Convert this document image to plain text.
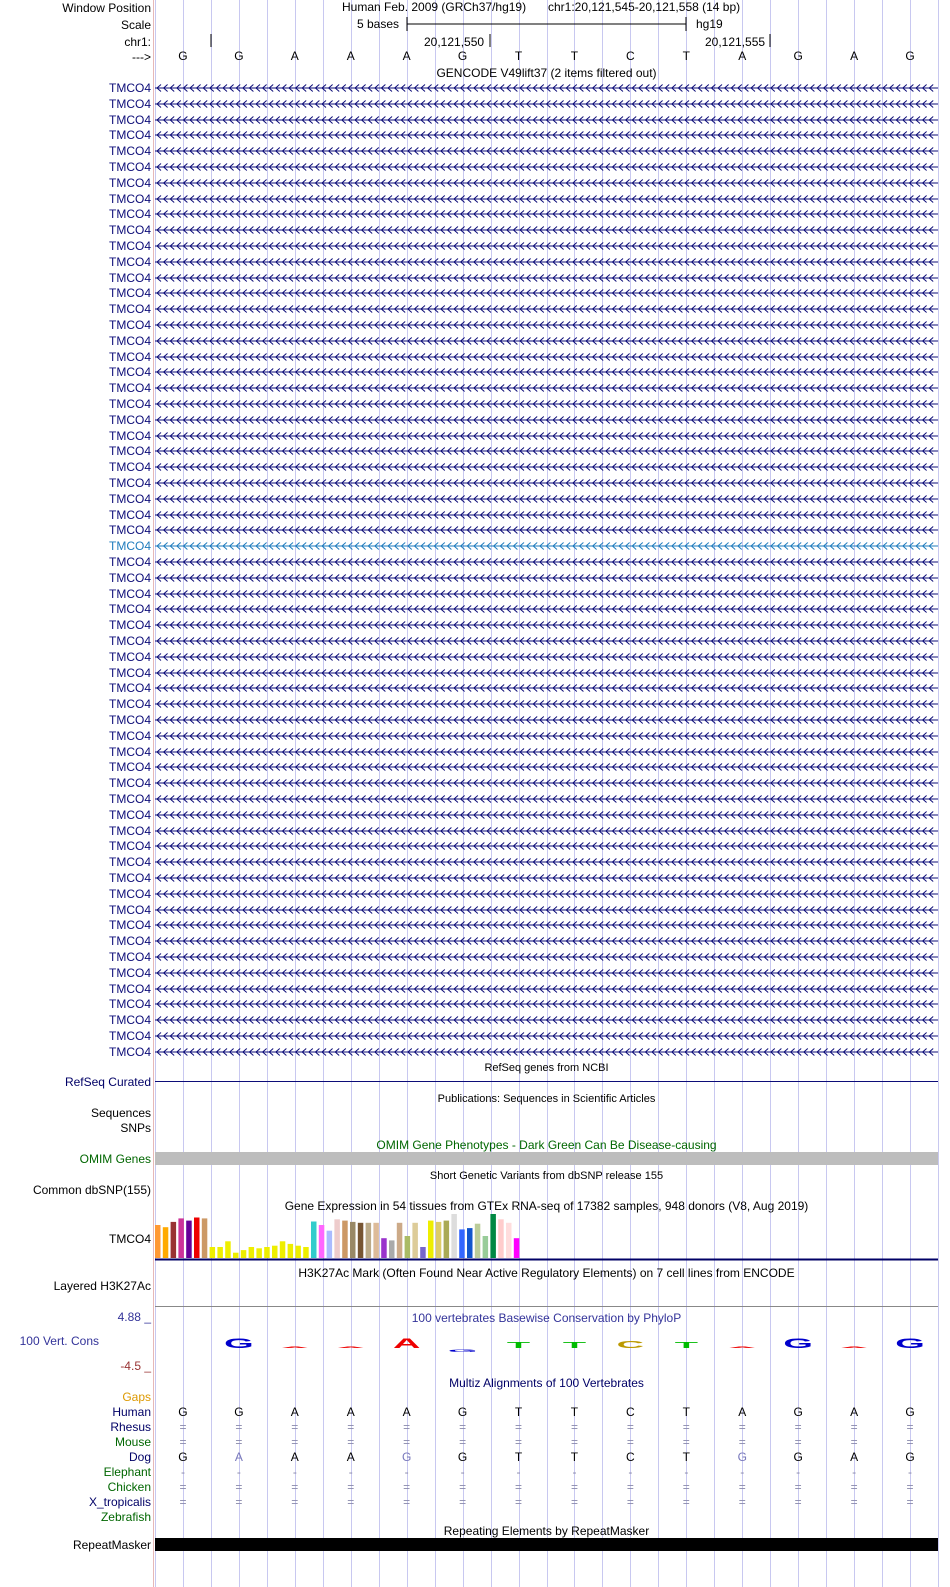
Window Position
Scale
chr1:
--->
Human Feb. 2009 (GRCh37/hg19) chr1:20,121,545-20,121,558 (14 bp)
5 bases	hg19
20,121,550	20,121,555
G	G	A	A	A	G	T	T	C	T	A	G	A	G
GENCODE V49lift37 (2 items filtered out)
TMCO4
TMCO4
TMCO4
TMCO4
TMCO4
TMCO4
TMCO4
TMCO4
TMCO4
TMCO4
TMCO4
TMCO4
TMCO4
TMCO4
TMCO4
TMCO4
TMCO4
TMCO4
TMCO4
TMCO4
TMCO4
TMCO4
TMCO4
TMCO4
TMCO4
TMCO4
TMCO4
TMCO4
TMCO4
TMCO4
TMCO4
TMCO4
TMCO4
TMCO4
TMCO4
TMCO4
TMCO4
TMCO4
TMCO4
TMCO4
TMCO4
TMCO4
TMCO4
TMCO4
TMCO4
TMCO4
TMCO4
TMCO4
TMCO4
TMCO4
TMCO4
TMCO4
TMCO4
TMCO4
TMCO4
TMCO4
TMCO4
TMCO4
TMCO4
TMCO4
TMCO4
TMCO4
RefSeq genes from NCBI
RefSeq Curated
Publications: Sequences in Scientific Articles
Sequences
SNPs
OMIM Gene Phenotypes - Dark Green Can Be Disease-causing
OMIM Genes
Short Genetic Variants from dbSNP release 155
Common dbSNP(155)
Gene Expression in 54 tissues from GTEx RNA-seq of 17382 samples, 948 donors (V8, Aug 2019)
TMCO4
H3K27Ac Mark (Often Found Near Active Regulatory Elements) on 7 cell lines from ENCODE
Layered H3K27Ac
100 vertebrates Basewise Conservation by PhyloP
4.88 _
100 Vert. Cons
-4.5 _
G A A A G
T T C T A G A G
Multiz Alignments of 100 Vertebrates
Gaps
Human	G	G	A	A	A	G	T	T	C	T	A	G	A	G
Rhesus	=	=	=	=	=	=	=	=	=	=	=	=	=	=
Mouse	=	=	=	=	=	=	=	=	=	=	=	=	=	=
Dog	G	A	A	A	G	G	T	T	C	T	G	G	A	G
Elephant	-	-	-	-	-	-	-	-	-	-	-	-	-	-
Chicken	=	=	=	=	=	=	=	=	=	=	=	=	=	=
X_tropicalis	=	=	=	=	=	=	=	=	=	=	=	=	=	=
Zebrafish
Repeating Elements by RepeatMasker
RepeatMasker
